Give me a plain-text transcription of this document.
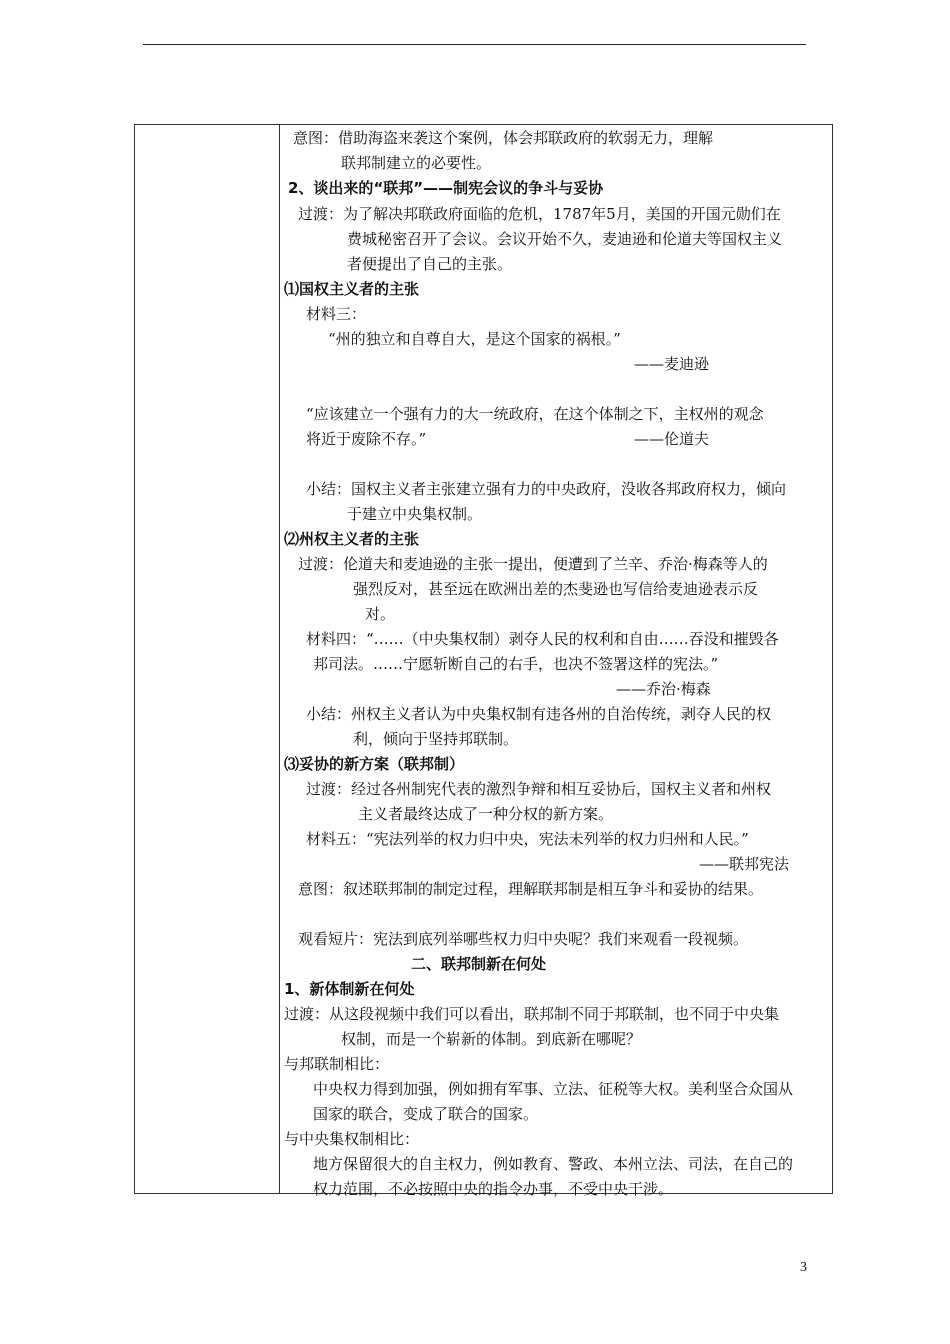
意图：借助海盗来袭这个案例，体会邦联政府的软弱无力，理解
联邦制建立的必要性。
2、谈出来的“联邦”——制宪会议的争斗与妥协
过渡：为了解决邦联政府面临的危机，1787年5月，美国的开国元勋们在
费城秘密召开了会议。会议开始不久，麦迪逊和伦道夫等国权主义
者便提出了自己的主张。
⑴国权主义者的主张
材料三：
“州的独立和自尊自大，是这个国家的祸根。”
——麦迪逊
“应该建立一个强有力的大一统政府，在这个体制之下，主权州的观念
将近于废除不存。”	——伦道夫
小结：国权主义者主张建立强有力的中央政府，没收各邦政府权力，倾向
于建立中央集权制。
⑵州权主义者的主张
过渡：伦道夫和麦迪逊的主张一提出，便遭到了兰辛、乔治·梅森等人的
强烈反对，甚至远在欧洲出差的杰斐逊也写信给麦迪逊表示反
对。
材料四：“……（中央集权制）剥夺人民的权利和自由……吞没和摧毁各
邦司法。……宁愿斩断自己的右手，也决不签署这样的宪法。”
——乔治·梅森
小结：州权主义者认为中央集权制有违各州的自治传统，剥夺人民的权
利，倾向于坚持邦联制。
⑶妥协的新方案（联邦制）
过渡：经过各州制宪代表的激烈争辩和相互妥协后，国权主义者和州权
主义者最终达成了一种分权的新方案。
材料五：“宪法列举的权力归中央，宪法未列举的权力归州和人民。”
——联邦宪法
意图：叙述联邦制的制定过程，理解联邦制是相互争斗和妥协的结果。
观看短片：宪法到底列举哪些权力归中央呢？我们来观看一段视频。
二、联邦制新在何处
1、新体制新在何处
过渡：从这段视频中我们可以看出，联邦制不同于邦联制，也不同于中央集
权制，而是一个崭新的体制。到底新在哪呢？
与邦联制相比：
中央权力得到加强，例如拥有军事、立法、征税等大权。美利坚合众国从
国家的联合，变成了联合的国家。
与中央集权制相比：
地方保留很大的自主权力，例如教育、警政、本州立法、司法，在自己的
权力范围，不必按照中央的指令办事，不受中央干涉。
3
